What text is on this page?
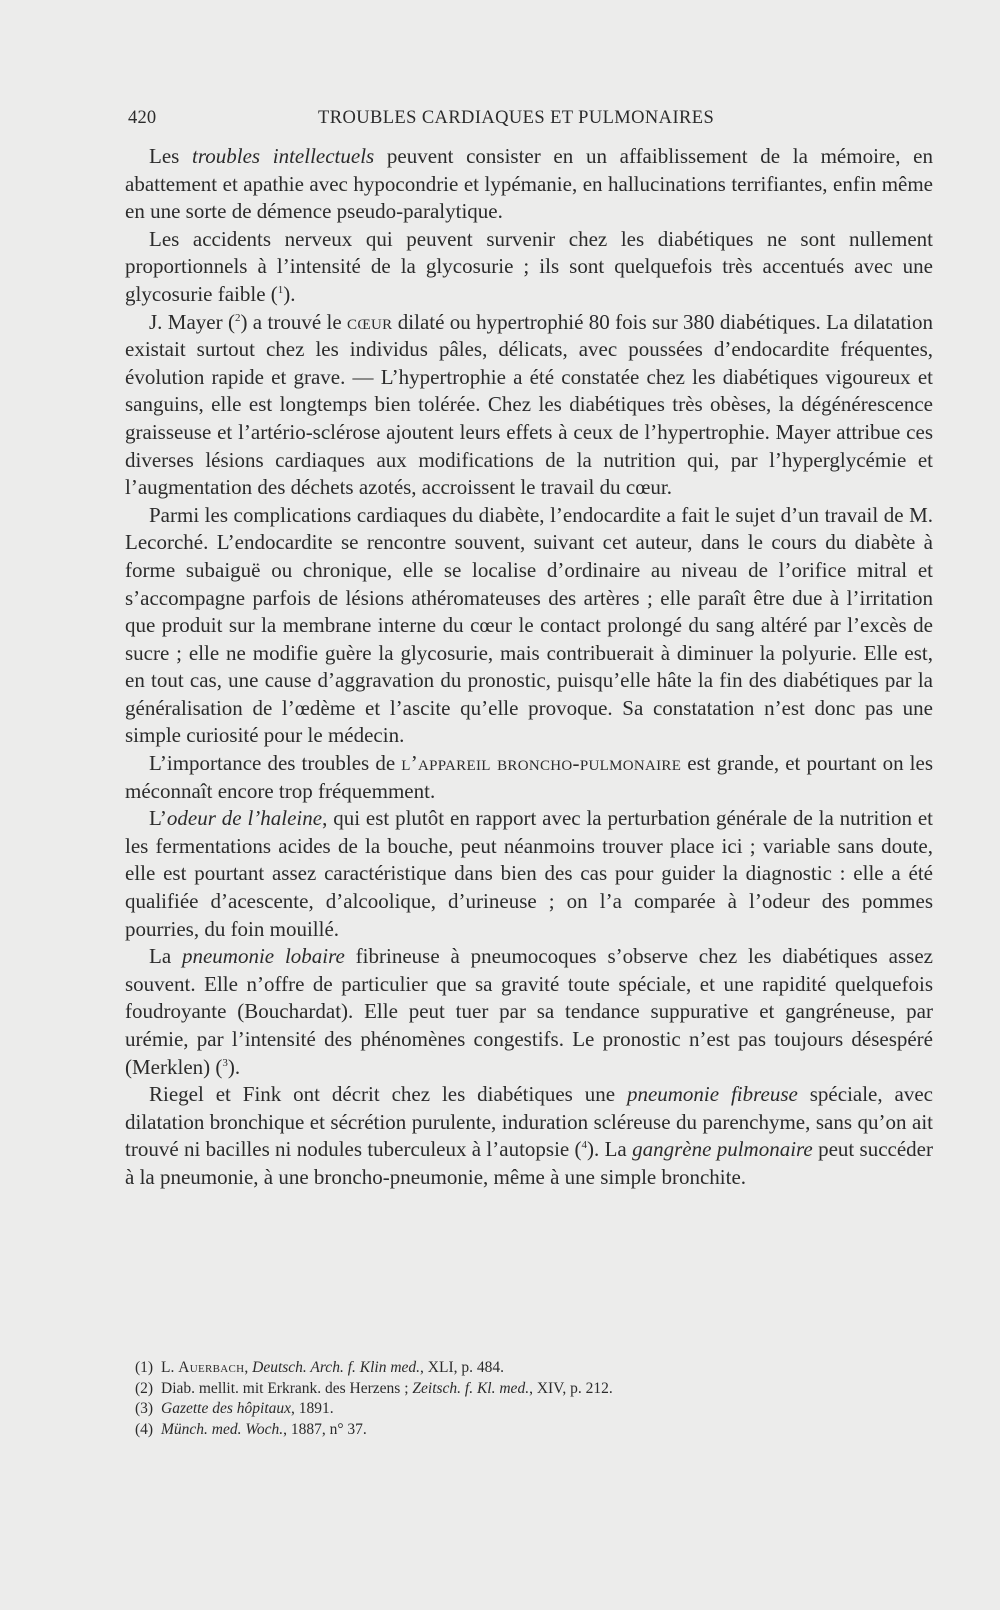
420	TROUBLES CARDIAQUES ET PULMONAIRES

Les troubles intellectuels peuvent consister en un affaiblissement de la mémoire, en abattement et apathie avec hypocondrie et lypémanie, en hallucinations terrifiantes, enfin même en une sorte de démence pseudo-paralytique.

Les accidents nerveux qui peuvent survenir chez les diabétiques ne sont nullement proportionnels à l’intensité de la glycosurie ; ils sont quelquefois très accentués avec une glycosurie faible ($^1$).

J. Mayer ($^2$) a trouvé le cœur dilaté ou hypertrophié 80 fois sur 380 diabétiques. La dilatation existait surtout chez les individus pâles, délicats, avec poussées d’endocardite fréquentes, évolution rapide et grave. — L’hypertrophie a été constatée chez les diabétiques vigoureux et sanguins, elle est longtemps bien tolérée. Chez les diabétiques très obèses, la dégénérescence graisseuse et l’artério-sclérose ajoutent leurs effets à ceux de l’hypertrophie. Mayer attribue ces diverses lésions cardiaques aux modifications de la nutrition qui, par l’hyperglycémie et l’augmentation des déchets azotés, accroissent le travail du cœur.

Parmi les complications cardiaques du diabète, l’endocardite a fait le sujet d’un travail de M. Lecorché. L’endocardite se rencontre souvent, suivant cet auteur, dans le cours du diabète à forme subaiguë ou chronique, elle se localise d’ordinaire au niveau de l’orifice mitral et s’accompagne parfois de lésions athéromateuses des artères ; elle paraît être due à l’irritation que produit sur la membrane interne du cœur le contact prolongé du sang altéré par l’excès de sucre ; elle ne modifie guère la glycosurie, mais contribuerait à diminuer la polyurie. Elle est, en tout cas, une cause d’aggravation du pronostic, puisqu’elle hâte la fin des diabétiques par la généralisation de l’œdème et l’ascite qu’elle provoque. Sa constatation n’est donc pas une simple curiosité pour le médecin.

L’importance des troubles de l’appareil broncho-pulmonaire est grande, et pourtant on les méconnaît encore trop fréquemment.

L’odeur de l’haleine, qui est plutôt en rapport avec la perturbation générale de la nutrition et les fermentations acides de la bouche, peut néanmoins trouver place ici ; variable sans doute, elle est pourtant assez caractéristique dans bien des cas pour guider la diagnostic : elle a été qualifiée d’acescente, d’alcoolique, d’urineuse ; on l’a comparée à l’odeur des pommes pourries, du foin mouillé.

La pneumonie lobaire fibrineuse à pneumocoques s’observe chez les diabétiques assez souvent. Elle n’offre de particulier que sa gravité toute spéciale, et une rapidité quelquefois foudroyante (Bouchardat). Elle peut tuer par sa tendance suppurative et gangréneuse, par urémie, par l’intensité des phénomènes congestifs. Le pronostic n’est pas toujours désespéré (Merklen) ($^3$).

Riegel et Fink ont décrit chez les diabétiques une pneumonie fibreuse spéciale, avec dilatation bronchique et sécrétion purulente, induration scléreuse du parenchyme, sans qu’on ait trouvé ni bacilles ni nodules tuberculeux à l’autopsie ($^4$). La gangrène pulmonaire peut succéder à la pneumonie, à une broncho-pneumonie, même à une simple bronchite.

(1) L. Auerbach, Deutsch. Arch. f. Klin med., XLI, p. 484.

(2) Diab. mellit. mit Erkrank. des Herzens ; Zeitsch. f. Kl. med., XIV, p. 212.

(3) Gazette des hôpitaux, 1891.

(4) Münch. med. Woch., 1887, n° 37.
